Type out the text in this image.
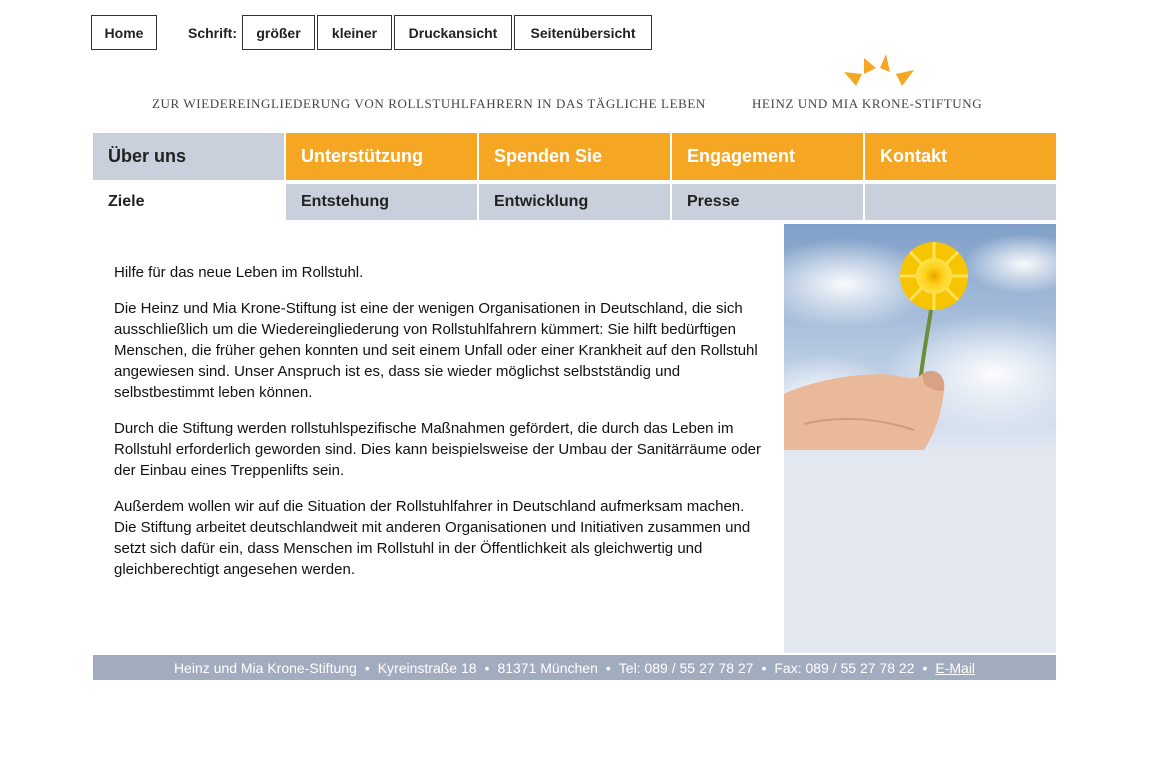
Home	Schrift:	größer	kleiner	Druckansicht	Seitenübersicht
ZUR WIEDEREINGLIEDERUNG VON ROLLSTUHLFAHRERN IN DAS TÄGLICHE LEBEN	HEINZ UND MIA KRONE-STIFTUNG
Über uns	Unterstützung	Spenden Sie	Engagement	Kontakt
Ziele	Entstehung	Entwicklung	Presse

Hilfe für das neue Leben im Rollstuhl.

Die Heinz und Mia Krone-Stiftung ist eine der wenigen Organisationen in Deutschland, die sich ausschließlich um die Wiedereingliederung von Rollstuhlfahrern kümmert: Sie hilft bedürftigen Menschen, die früher gehen konnten und seit einem Unfall oder einer Krankheit auf den Rollstuhl angewiesen sind. Unser Anspruch ist es, dass sie wieder möglichst selbstständig und selbstbestimmt leben können.

Durch die Stiftung werden rollstuhlspezifische Maßnahmen gefördert, die durch das Leben im Rollstuhl erforderlich geworden sind. Dies kann beispielsweise der Umbau der Sanitärräume oder der Einbau eines Treppenlifts sein.

Außerdem wollen wir auf die Situation der Rollstuhlfahrer in Deutschland aufmerksam machen. Die Stiftung arbeitet deutschlandweit mit anderen Organisationen und Initiativen zusammen und setzt sich dafür ein, dass Menschen im Rollstuhl in der Öffentlichkeit als gleichwertig und gleichberechtigt angesehen werden.

Heinz und Mia Krone-Stiftung • Kyreinstraße 18 • 81371 München • Tel: 089 / 55 27 78 27 • Fax: 089 / 55 27 78 22 • E-Mail
